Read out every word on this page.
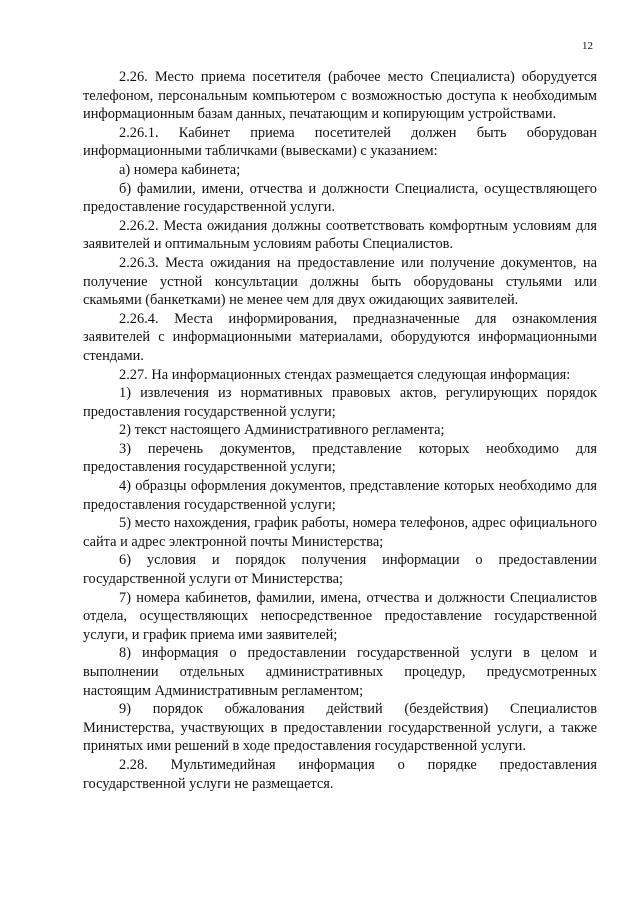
12

2.26. Место приема посетителя (рабочее место Специалиста) оборудуется телефоном, персональным компьютером с возможностью доступа к необходимым информационным базам данных, печатающим и копирующим устройствами.

2.26.1. Кабинет приема посетителей должен быть оборудован информационными табличками (вывесками) с указанием:

а) номера кабинета;

б) фамилии, имени, отчества и должности Специалиста, осуществляющего предоставление государственной услуги.

2.26.2. Места ожидания должны соответствовать комфортным условиям для заявителей и оптимальным условиям работы Специалистов.

2.26.3. Места ожидания на предоставление или получение документов, на получение устной консультации должны быть оборудованы стульями или скамьями (банкетками) не менее чем для двух ожидающих заявителей.

2.26.4. Места информирования, предназначенные для ознакомления заявителей с информационными материалами, оборудуются информационными стендами.

2.27. На информационных стендах размещается следующая информация:

1) извлечения из нормативных правовых актов, регулирующих порядок предоставления государственной услуги;

2) текст настоящего Административного регламента;

3) перечень документов, представление которых необходимо для предоставления государственной услуги;

4) образцы оформления документов, представление которых необходимо для предоставления государственной услуги;

5) место нахождения, график работы, номера телефонов, адрес официального сайта и адрес электронной почты Министерства;

6) условия и порядок получения информации о предоставлении государственной услуги от Министерства;

7) номера кабинетов, фамилии, имена, отчества и должности Специалистов отдела, осуществляющих непосредственное предоставление государственной услуги, и график приема ими заявителей;

8) информация о предоставлении государственной услуги в целом и выполнении отдельных административных процедур, предусмотренных настоящим Административным регламентом;

9) порядок обжалования действий (бездействия) Специалистов Министерства, участвующих в предоставлении государственной услуги, а также принятых ими решений в ходе предоставления государственной услуги.

2.28. Мультимедийная информация о порядке предоставления государственной услуги не размещается.
